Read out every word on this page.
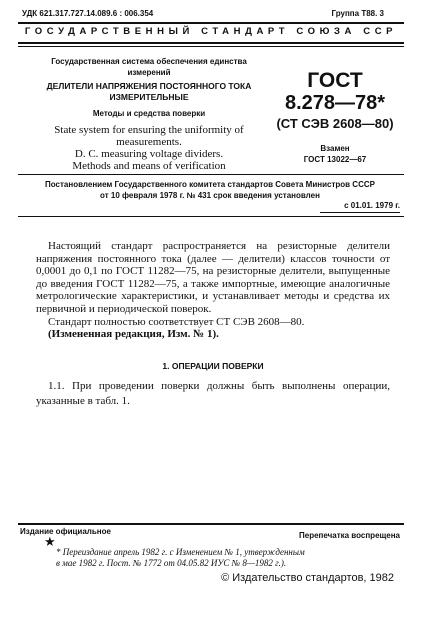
УДК 621.317.727.14.089.6 : 006.354	Группа Т88. 3
ГОСУДАРСТВЕННЫЙ СТАНДАРТ СОЮЗА ССР
Государственная система обеспечения единства
измерений
ДЕЛИТЕЛИ НАПРЯЖЕНИЯ ПОСТОЯННОГО ТОКА
ИЗМЕРИТЕЛЬНЫЕ
Методы и средства поверки
State system for ensuring the uniformity of
measurements.
D. C. measuring voltage dividers.
Methods and means of verification
ГОСТ
8.278—78*
(СТ СЭВ 2608—80)
Взамен
ГОСТ 13022—67
Постановлением Государственного комитета стандартов Совета Министров СССР
от 10 февраля 1978 г. № 431 срок введения установлен
с 01.01. 1979 г.

Настоящий стандарт распространяется на резисторные делители напряжения постоянного тока (далее — делители) классов точности от 0,0001 до 0,1 по ГОСТ 11282—75, на резисторные делители, выпущенные до введения ГОСТ 11282—75, а также импортные, имеющие аналогичные метрологические характеристики, и устанавливает методы и средства их первичной и периодической поверок.

Стандарт полностью соответствует СТ СЭВ 2608—80.

(Измененная редакция, Изм. № 1).

1. ОПЕРАЦИИ ПОВЕРКИ

1.1. При проведении поверки должны быть выполнены операции, указанные в табл. 1.

Издание официальное	Перепечатка воспрещена
★
* Переиздание апрель 1982 г. с Изменением № 1, утвержденным
в мае 1982 г. Пост. № 1772 от 04.05.82 ИУС № 8—1982 г.).
© Издательство стандартов, 1982
